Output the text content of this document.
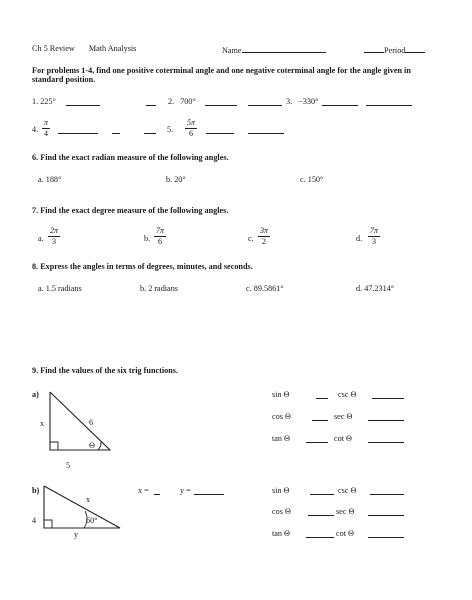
Ch 5 Review Math Analysis	Name	Period
For problems 1-4, find one positive coterminal angle and one negative coterminal angle for the angle given in standard position.
1. 225°	2. 700°	3. −330°
4. $\frac{\pi}{4}$	5. $\frac{5\pi}{6}$
6. Find the exact radian measure of the following angles.
a. 188°	b. 20°	c. 150°
7. Find the exact degree measure of the following angles.
a. $\frac{2\pi}{3}$	b. $\frac{7\pi}{6}$	c. $\frac{3\pi}{2}$	d. $\frac{7\pi}{3}$
8. Express the angles in terms of degrees, minutes, and seconds.
a. 1.5 radians	b. 2 radians	c. 89.5861°	d. 47.2314°
9. Find the values of the six trig functions.
a)
x	6
Θ
5
sin Θ	csc Θ
cos Θ	sec Θ
tan Θ	cot Θ
b)
x
4	60°
y
x =	y =	sin Θ	csc Θ
cos Θ	sec Θ
tan Θ	cot Θ
